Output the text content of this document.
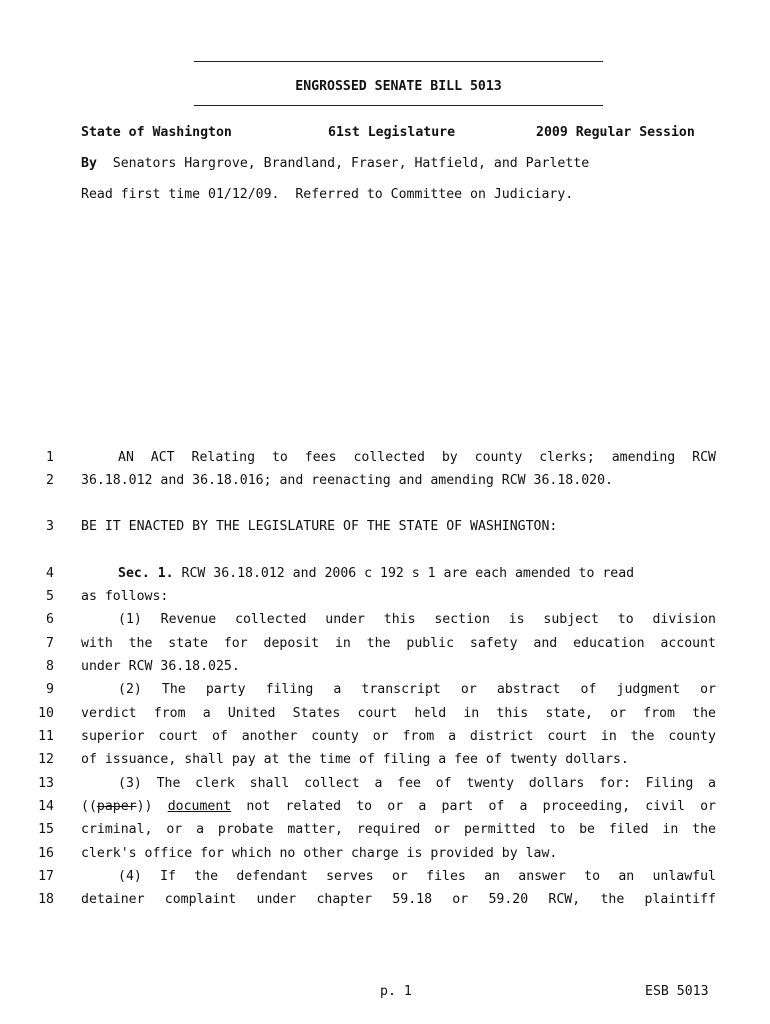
ENGROSSED SENATE BILL 5013
State of Washington	61st Legislature	2009 Regular Session
By Senators Hargrove, Brandland, Fraser, Hatfield, and Parlette
Read first time 01/12/09.  Referred to Committee on Judiciary.
1	AN ACT Relating to fees collected by county clerks; amending RCW
2 36.18.012 and 36.18.016; and reenacting and amending RCW 36.18.020.
3 BE IT ENACTED BY THE LEGISLATURE OF THE STATE OF WASHINGTON:
4	Sec. 1. RCW 36.18.012 and 2006 c 192 s 1 are each amended to read
5 as follows:
6	(1) Revenue collected under this section is subject to division
7 with the state for deposit in the public safety and education account
8 under RCW 36.18.025.
9	(2) The party filing a transcript or abstract of judgment or
10 verdict from a United States court held in this state, or from the
11 superior court of another county or from a district court in the county
12 of issuance, shall pay at the time of filing a fee of twenty dollars.
13	(3) The clerk shall collect a fee of twenty dollars for: Filing a
14 ((paper)) document not related to or a part of a proceeding, civil or
15 criminal, or a probate matter, required or permitted to be filed in the
16 clerk's office for which no other charge is provided by law.
17	(4) If the defendant serves or files an answer to an unlawful
18 detainer complaint under chapter 59.18 or 59.20 RCW, the plaintiff
p. 1	ESB 5013
